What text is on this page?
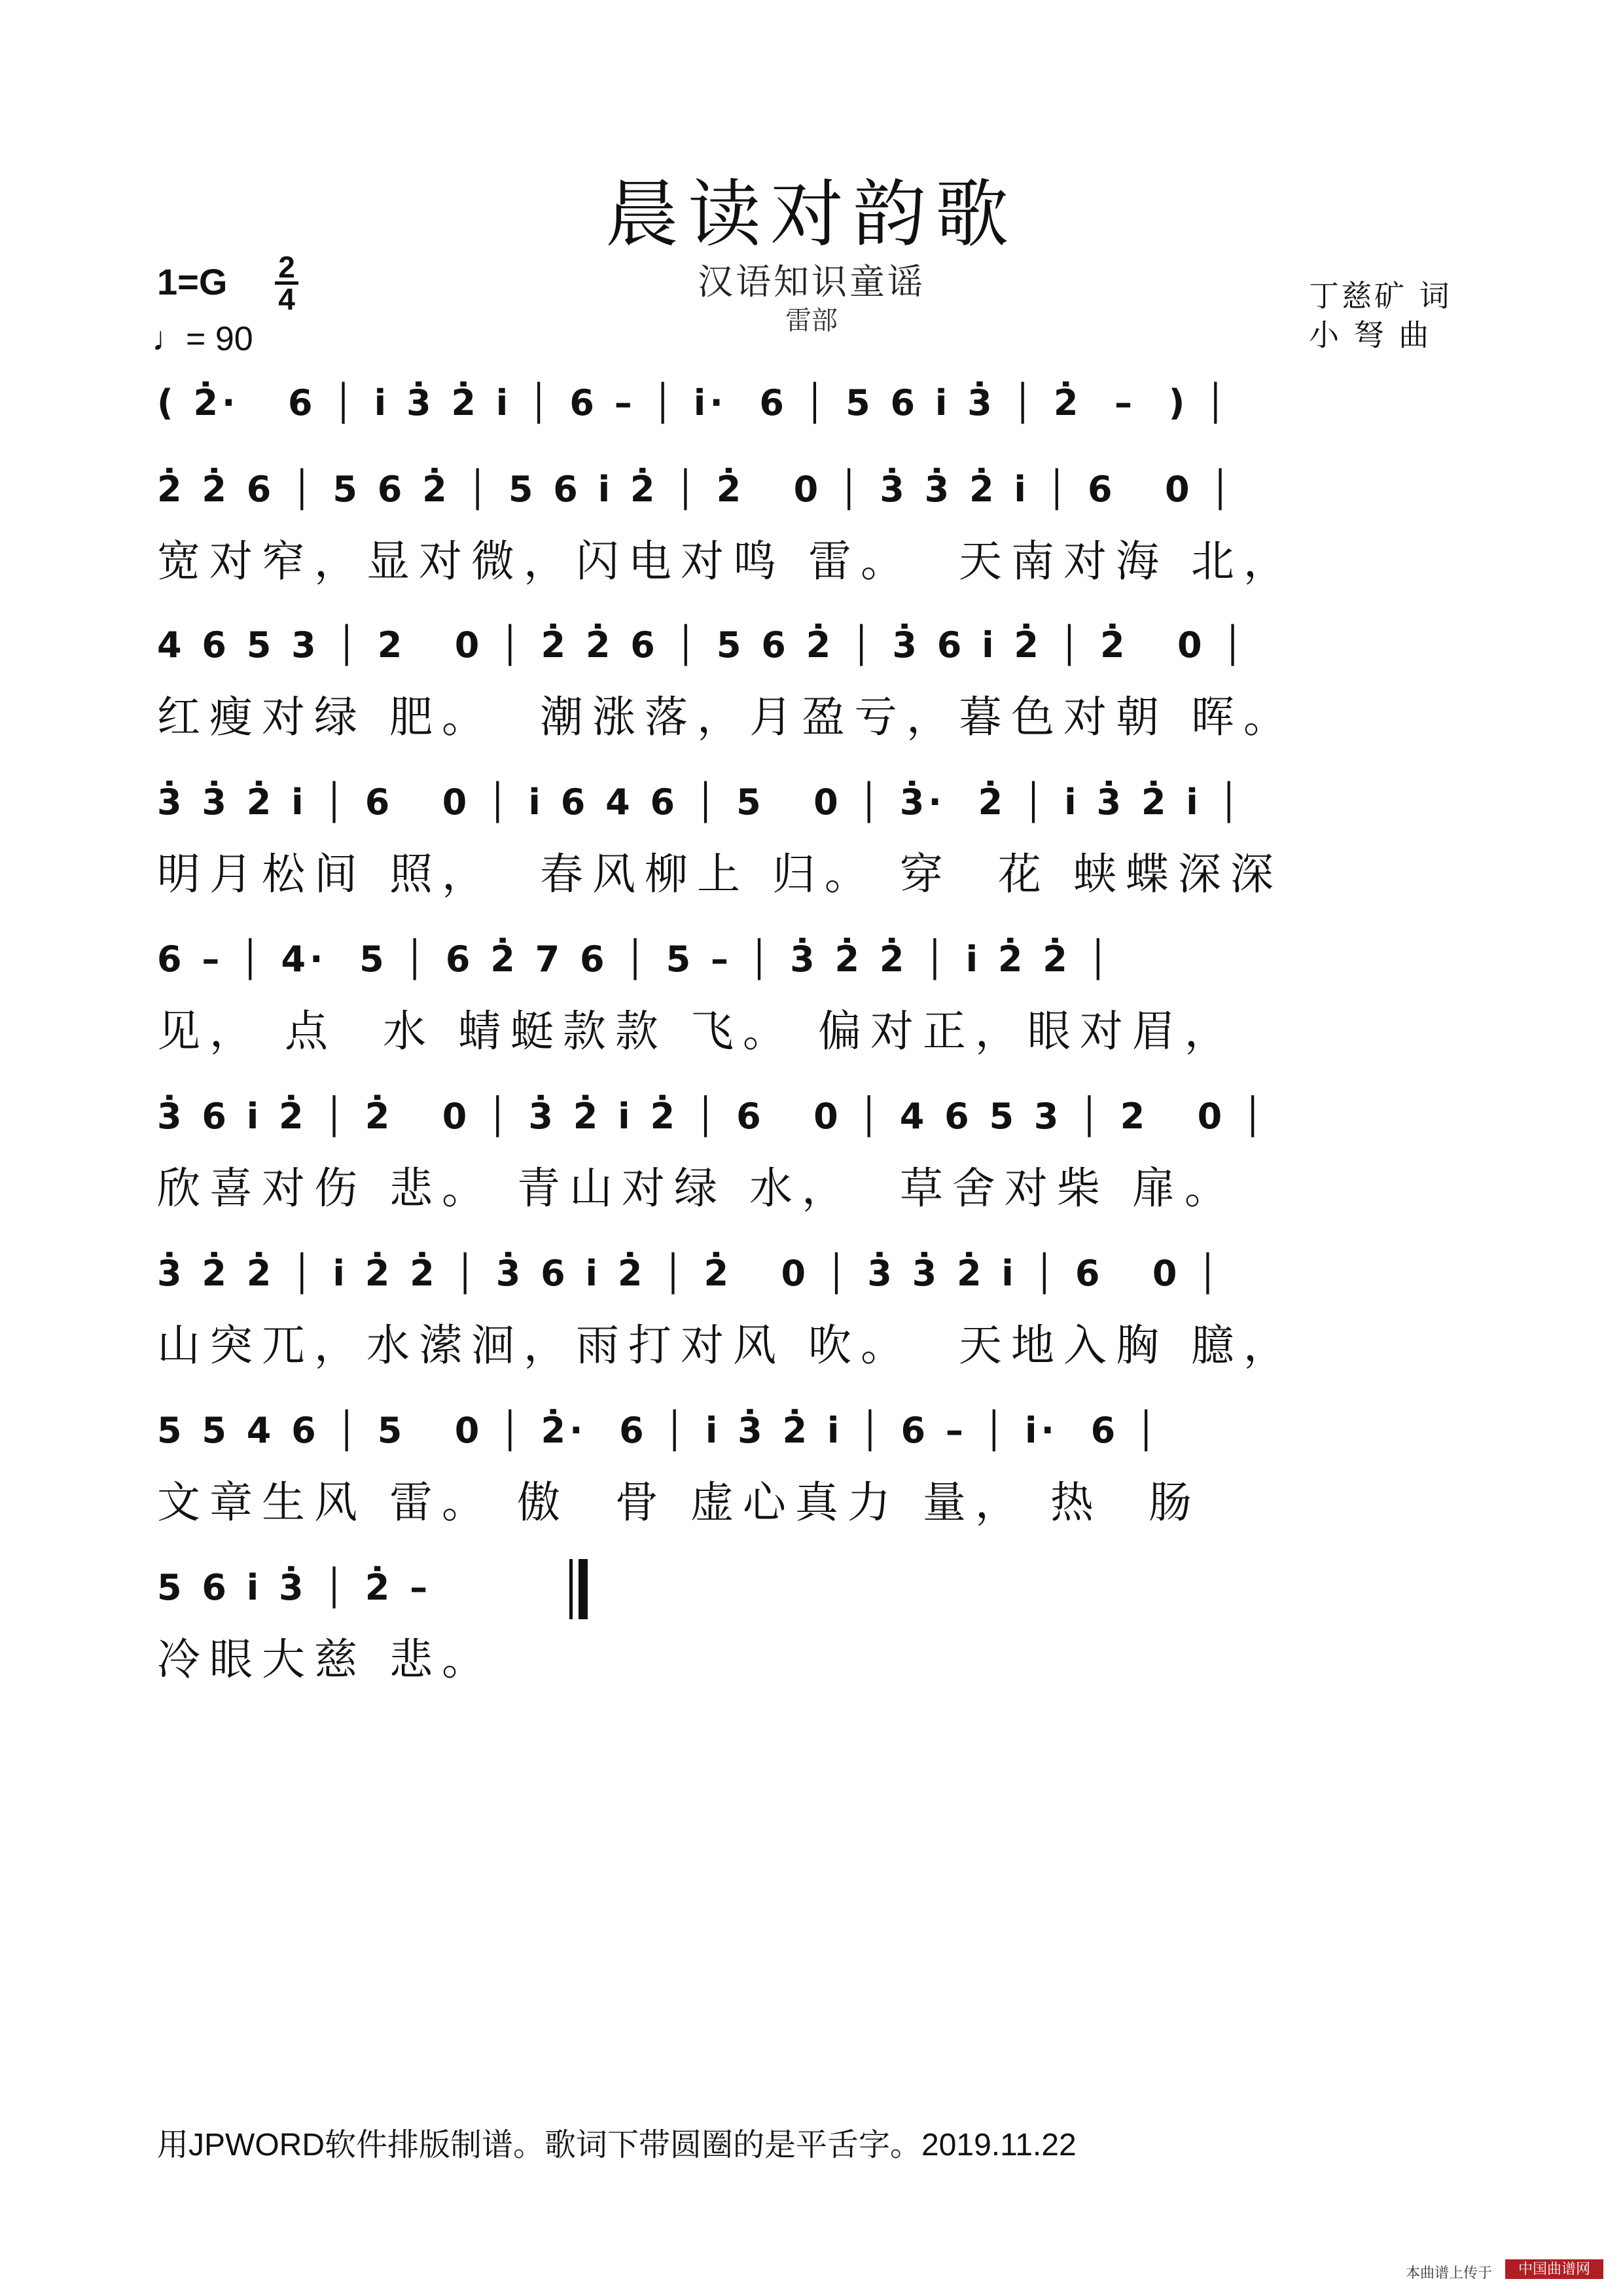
晨读对韵歌
汉语知识童谣
雷部
1=G 2
4
♩= 90
丁慈矿 词
小 弩 曲
( 2̇·   6 │ i̇ 3̇ 2̇ i̇ │ 6 – │ i̇·  6 │ 5 6 i̇ 3̇ │ 2̇  –  ) │
2̇ 2̇ 6 │ 5 6 2̇ │ 5 6 i̇ 2̇ │ 2̇   0 │ 3̇ 3̇ 2̇ i̇ │ 6   0 │
宽对窄，显对微，闪电对鸣 雷。  天南对海 北，
4 6 5 3 │ 2   0 │ 2̇ 2̇ 6 │ 5 6 2̇ │ 3̇ 6 i̇ 2̇ │ 2̇   0 │
红瘦对绿 肥。  潮涨落，月盈亏，暮色对朝 晖。
3̇ 3̇ 2̇ i̇ │ 6   0 │ i̇ 6 4 6 │ 5   0 │ 3̇·  2̇ │ i̇ 3̇ 2̇ i̇ │
明月松间 照，  春风柳上 归。 穿  花 蛱蝶深深
6 – │ 4·  5 │ 6 2̇ 7 6 │ 5 – │ 3̇ 2̇ 2̇ │ i̇ 2̇ 2̇ │
见， 点  水 蜻蜓款款 飞。 偏对正，眼对眉，
3̇ 6 i̇ 2̇ │ 2̇   0 │ 3̇ 2̇ i̇ 2̇ │ 6   0 │ 4 6 5 3 │ 2   0 │
欣喜对伤 悲。 青山对绿 水，  草舍对柴 扉。
3̇ 2̇ 2̇ │ i̇ 2̇ 2̇ │ 3̇ 6 i̇ 2̇ │ 2̇   0 │ 3̇ 3̇ 2̇ i̇ │ 6   0 │
山突兀，水潆洄，雨打对风 吹。  天地入胸 臆，
5 5 4 6 │ 5   0 │ 2̇·  6 │ i̇ 3̇ 2̇ i̇ │ 6 – │ i̇·  6 │
文章生风 雷。 傲  骨 虚心真力 量， 热  肠
5 6 i̇ 3̇ │ 2̇ –
冷眼大慈 悲。
用JPWORD软件排版制谱。歌词下带圆圈的是平舌字。2019.11.22
本曲谱上传于	中国曲谱网
